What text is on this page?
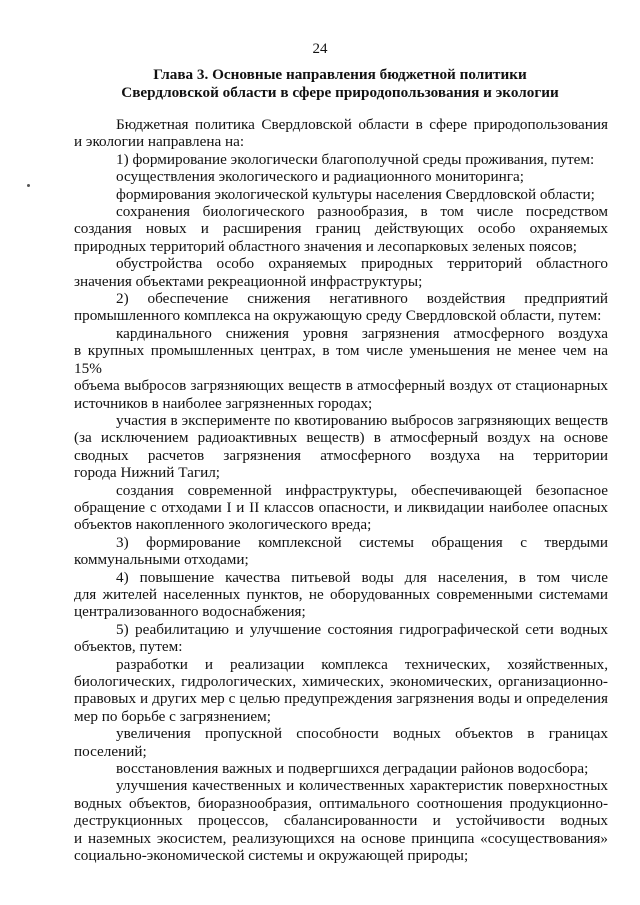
24
Глава 3. Основные направления бюджетной политики
Свердловской области в сфере природопользования и экологии
Бюджетная политика Свердловской области в сфере природопользования
и экологии направлена на:
1) формирование экологически благополучной среды проживания, путем:
осуществления экологического и радиационного мониторинга;
формирования экологической культуры населения Свердловской области;
сохранения биологического разнообразия, в том числе посредством
создания новых и расширения границ действующих особо охраняемых
природных территорий областного значения и лесопарковых зеленых поясов;
обустройства особо охраняемых природных территорий областного
значения объектами рекреационной инфраструктуры;
2) обеспечение снижения негативного воздействия предприятий
промышленного комплекса на окружающую среду Свердловской области, путем:
кардинального снижения уровня загрязнения атмосферного воздуха
в крупных промышленных центрах, в том числе уменьшения не менее чем на 15%
объема выбросов загрязняющих веществ в атмосферный воздух от стационарных
источников в наиболее загрязненных городах;
участия в эксперименте по квотированию выбросов загрязняющих веществ
(за исключением радиоактивных веществ) в атмосферный воздух на основе
сводных расчетов загрязнения атмосферного воздуха на территории
города Нижний Тагил;
создания современной инфраструктуры, обеспечивающей безопасное
обращение с отходами I и II классов опасности, и ликвидации наиболее опасных
объектов накопленного экологического вреда;
3) формирование комплексной системы обращения с твердыми
коммунальными отходами;
4) повышение качества питьевой воды для населения, в том числе
для жителей населенных пунктов, не оборудованных современными системами
централизованного водоснабжения;
5) реабилитацию и улучшение состояния гидрографической сети водных
объектов, путем:
разработки и реализации комплекса технических, хозяйственных,
биологических, гидрологических, химических, экономических, организационно-
правовых и других мер с целью предупреждения загрязнения воды и определения
мер по борьбе с загрязнением;
увеличения пропускной способности водных объектов в границах
поселений;
восстановления важных и подвергшихся деградации районов водосбора;
улучшения качественных и количественных характеристик поверхностных
водных объектов, биоразнообразия, оптимального соотношения продукционно-
деструкционных процессов, сбалансированности и устойчивости водных
и наземных экосистем, реализующихся на основе принципа «сосуществования»
социально-экономической системы и окружающей природы;
